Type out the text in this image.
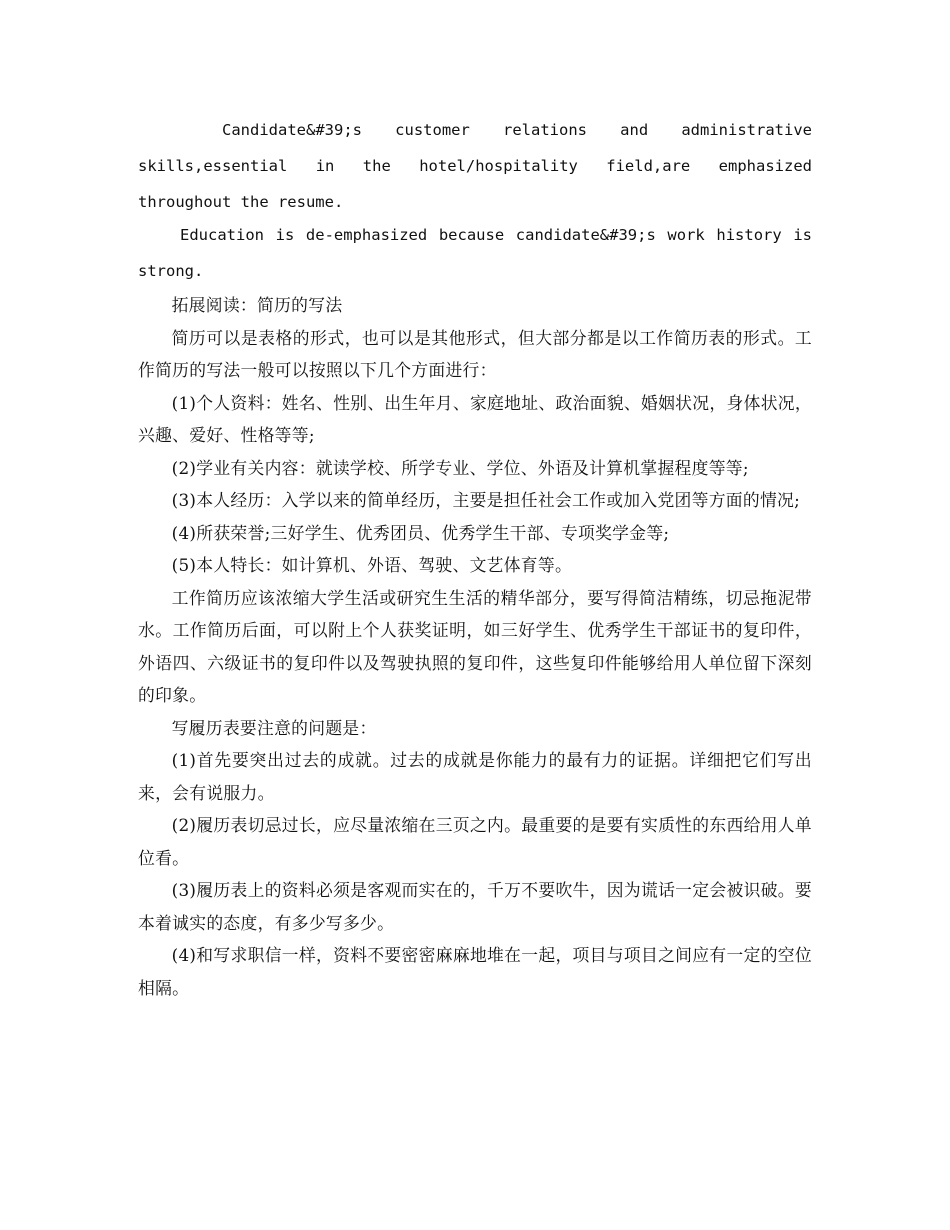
Candidate&#39;s customer relations and administrative skills,essential in the hotel/hospitality field,are emphasized throughout the resume.

Education is de-emphasized because candidate&#39;s work history is strong.

拓展阅读：简历的写法

简历可以是表格的形式，也可以是其他形式，但大部分都是以工作简历表的形式。工作简历的写法一般可以按照以下几个方面进行：

(1)个人资料：姓名、性别、出生年月、家庭地址、政治面貌、婚姻状况，身体状况，兴趣、爱好、性格等等;

(2)学业有关内容：就读学校、所学专业、学位、外语及计算机掌握程度等等;

(3)本人经历：入学以来的简单经历，主要是担任社会工作或加入党团等方面的情况;

(4)所获荣誉;三好学生、优秀团员、优秀学生干部、专项奖学金等;

(5)本人特长：如计算机、外语、驾驶、文艺体育等。

工作简历应该浓缩大学生活或研究生生活的精华部分，要写得简洁精练，切忌拖泥带水。工作简历后面，可以附上个人获奖证明，如三好学生、优秀学生干部证书的复印件，外语四、六级证书的复印件以及驾驶执照的复印件，这些复印件能够给用人单位留下深刻的印象。

写履历表要注意的问题是：

(1)首先要突出过去的成就。过去的成就是你能力的最有力的证据。详细把它们写出来，会有说服力。

(2)履历表切忌过长，应尽量浓缩在三页之内。最重要的是要有实质性的东西给用人单位看。

(3)履历表上的资料必须是客观而实在的，千万不要吹牛，因为谎话一定会被识破。要本着诚实的态度，有多少写多少。

(4)和写求职信一样，资料不要密密麻麻地堆在一起，项目与项目之间应有一定的空位相隔。
